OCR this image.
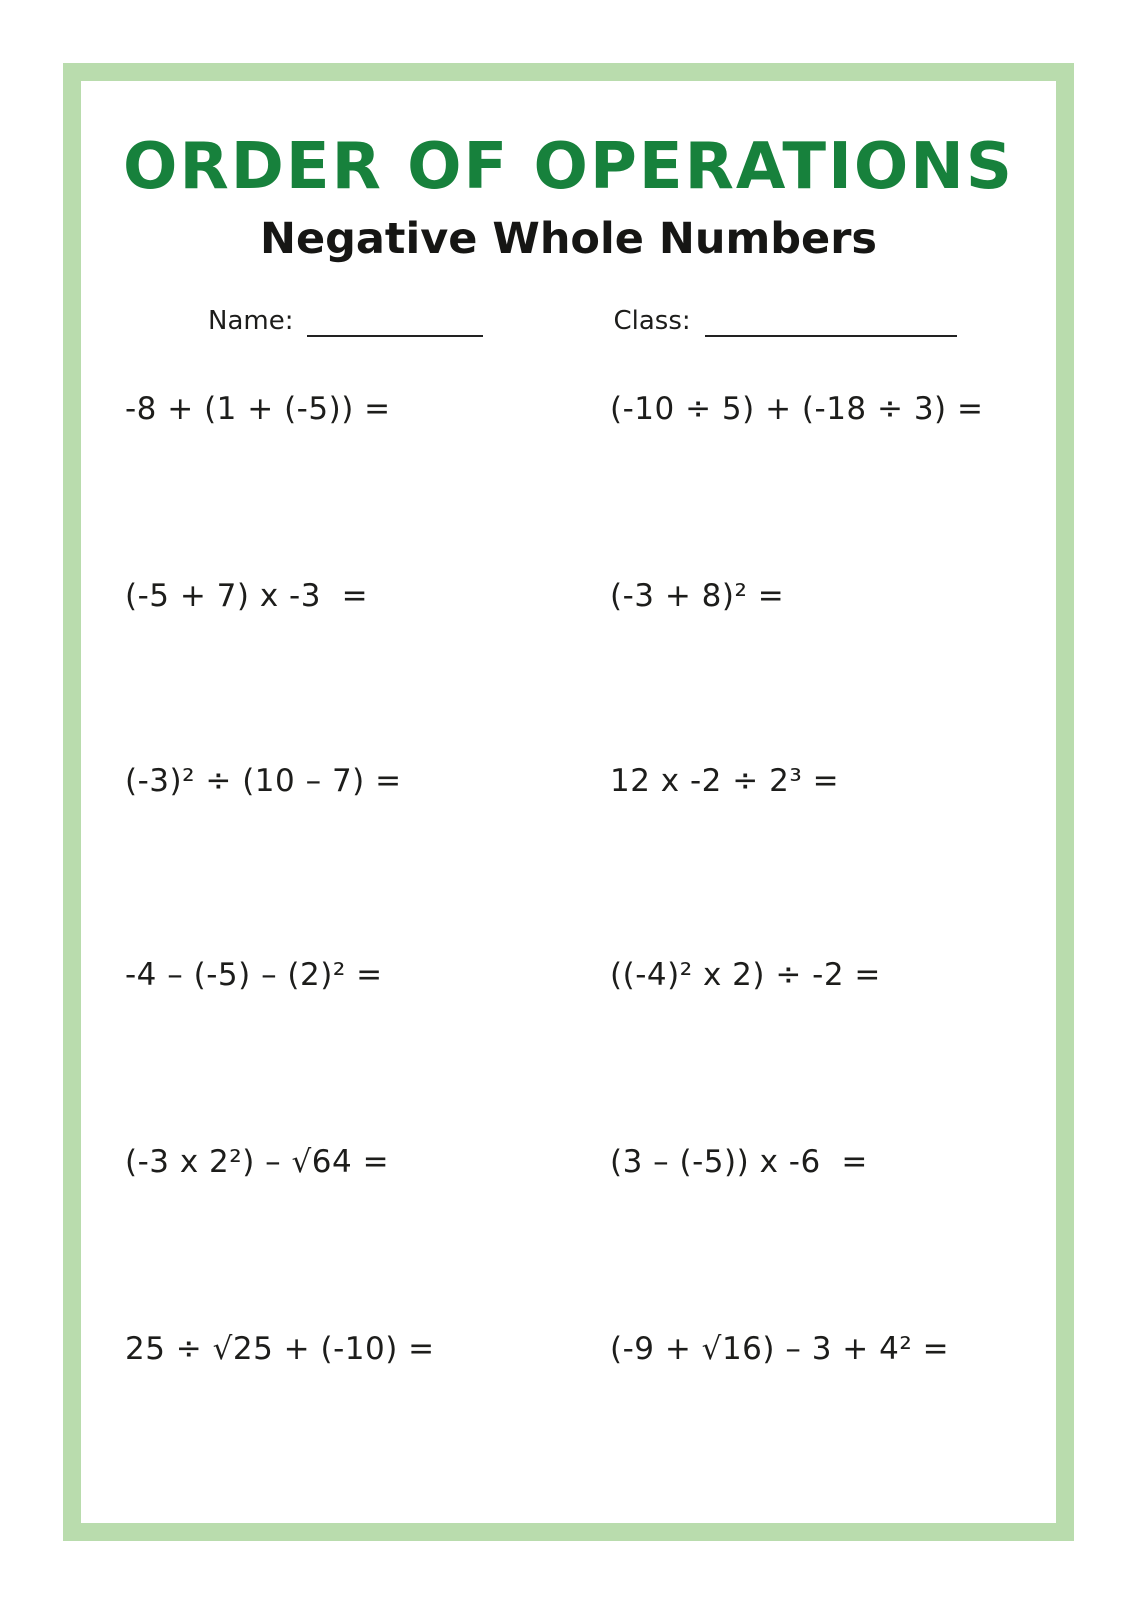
ORDER OF OPERATIONS
Negative Whole Numbers
Name:	Class:
-8 + (1 + (-5)) =	(-10 ÷ 5) + (-18 ÷ 3) =
(-5 + 7) x -3  =	(-3 + 8)² =
(-3)² ÷ (10 – 7) =	12 x -2 ÷ 2³ =
-4 – (-5) – (2)² =	((-4)² x 2) ÷ -2 =
(-3 x 2²) – √64 =	(3 – (-5)) x -6  =
25 ÷ √25 + (-10) =	(-9 + √16) – 3 + 4² =
